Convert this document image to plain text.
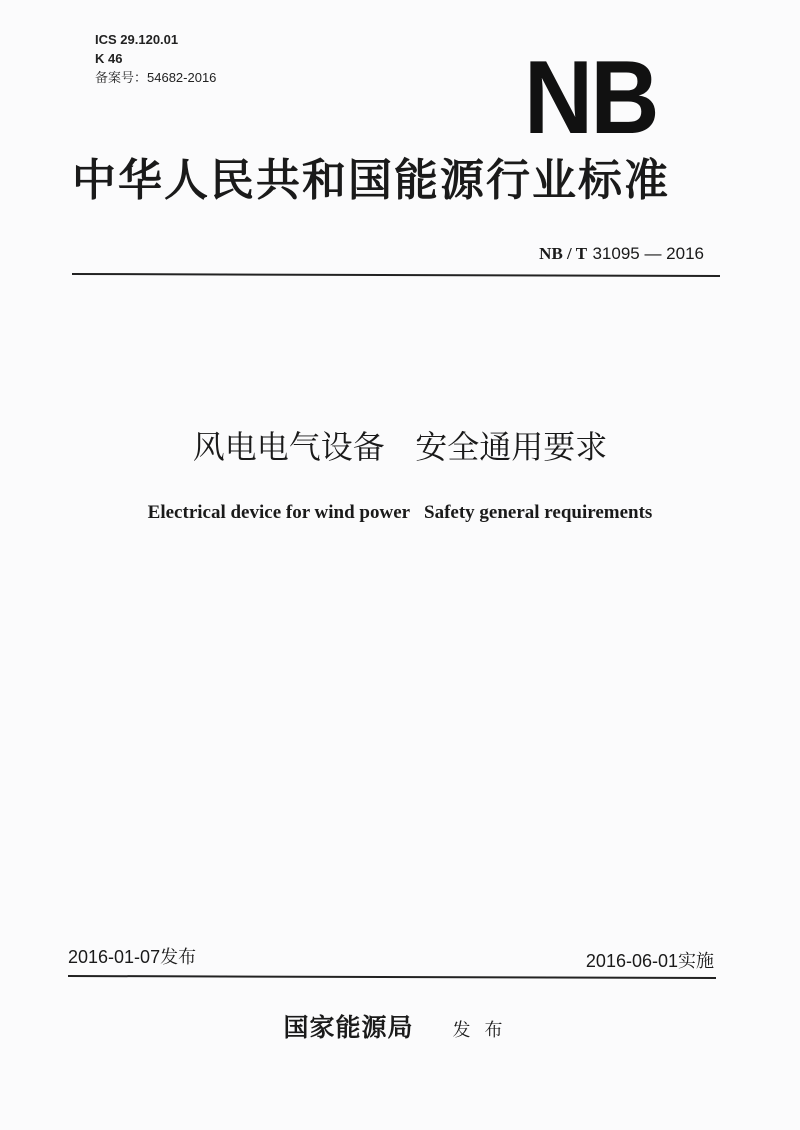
ICS 29.120.01
K 46
备案号：54682-2016	NB
中华人民共和国能源行业标准
NB / T 31095 — 2016
风电电气设备   安全通用要求
Electrical device for wind power   Safety general requirements
2016-01-07发布	2016-06-01实施
国家能源局 发布
